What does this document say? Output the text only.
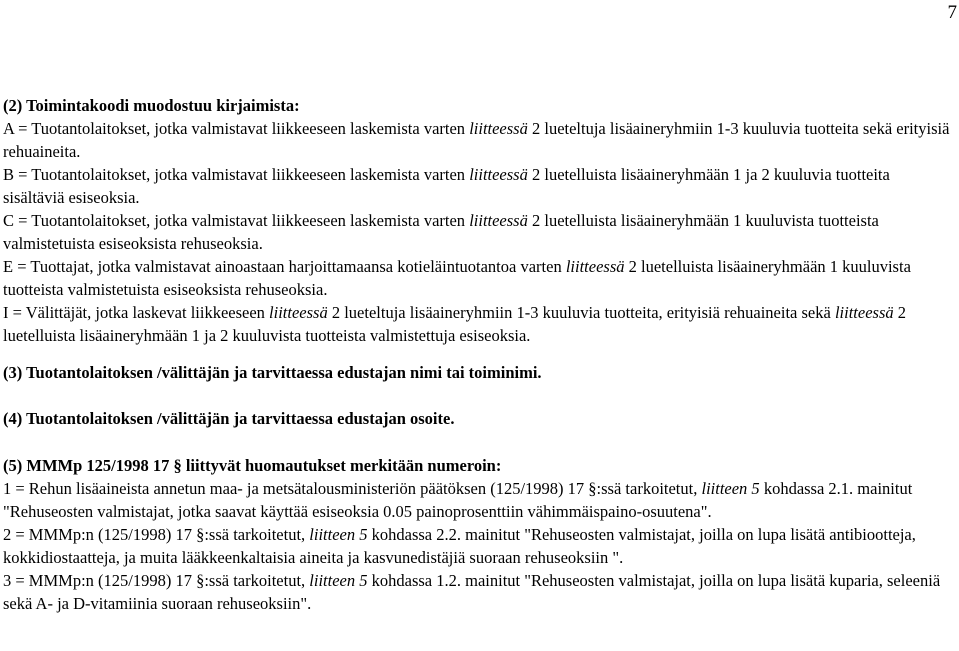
7

(2) Toimintakoodi muodostuu kirjaimista:

A = Tuotantolaitokset, jotka valmistavat liikkeeseen laskemista varten liitteessä 2 lueteltuja lisäaineryhmiin 1-3 kuuluvia tuotteita sekä erityisiä rehuaineita.

B = Tuotantolaitokset, jotka valmistavat liikkeeseen laskemista varten liitteessä 2 luetelluista lisäaineryhmään 1 ja 2 kuuluvia tuotteita sisältäviä esiseoksia.

C = Tuotantolaitokset, jotka valmistavat liikkeeseen laskemista varten liitteessä 2 luetelluista lisäaineryhmään 1 kuuluvista tuotteista valmistetuista esiseoksista rehuseoksia.

E = Tuottajat, jotka valmistavat ainoastaan harjoittamaansa kotieläintuotantoa varten liitteessä 2 luetelluista lisäaineryhmään 1 kuuluvista tuotteista valmistetuista esiseoksista rehuseoksia.

I = Välittäjät, jotka laskevat liikkeeseen liitteessä 2 lueteltuja lisäaineryhmiin 1-3 kuuluvia tuotteita, erityisiä rehuaineita sekä liitteessä 2 luetelluista lisäaineryhmään 1 ja 2 kuuluvista tuotteista valmistettuja esiseoksia.

(3) Tuotantolaitoksen /välittäjän ja tarvittaessa edustajan nimi tai toiminimi.

(4) Tuotantolaitoksen /välittäjän ja tarvittaessa edustajan osoite.

(5) MMMp 125/1998 17 § liittyvät huomautukset merkitään numeroin:

1 = Rehun lisäaineista annetun maa- ja metsätalousministeriön päätöksen (125/1998) 17 §:ssä tarkoitetut, liitteen 5 kohdassa 2.1. mainitut "Rehuseosten valmistajat, jotka saavat käyttää esiseoksia 0.05 painoprosenttiin vähimmäispaino-osuutena".

2 = MMMp:n (125/1998) 17 §:ssä tarkoitetut, liitteen 5 kohdassa 2.2. mainitut "Rehuseosten valmistajat, joilla on lupa lisätä antibiootteja, kokkidiostaatteja, ja muita lääkkeenkaltaisia aineita ja kasvunedistäjiä suoraan rehuseoksiin ".

3 = MMMp:n (125/1998) 17 §:ssä tarkoitetut, liitteen 5 kohdassa 1.2. mainitut "Rehuseosten valmistajat, joilla on lupa lisätä kuparia, seleeniä sekä A- ja D-vitamiinia suoraan rehuseoksiin".
